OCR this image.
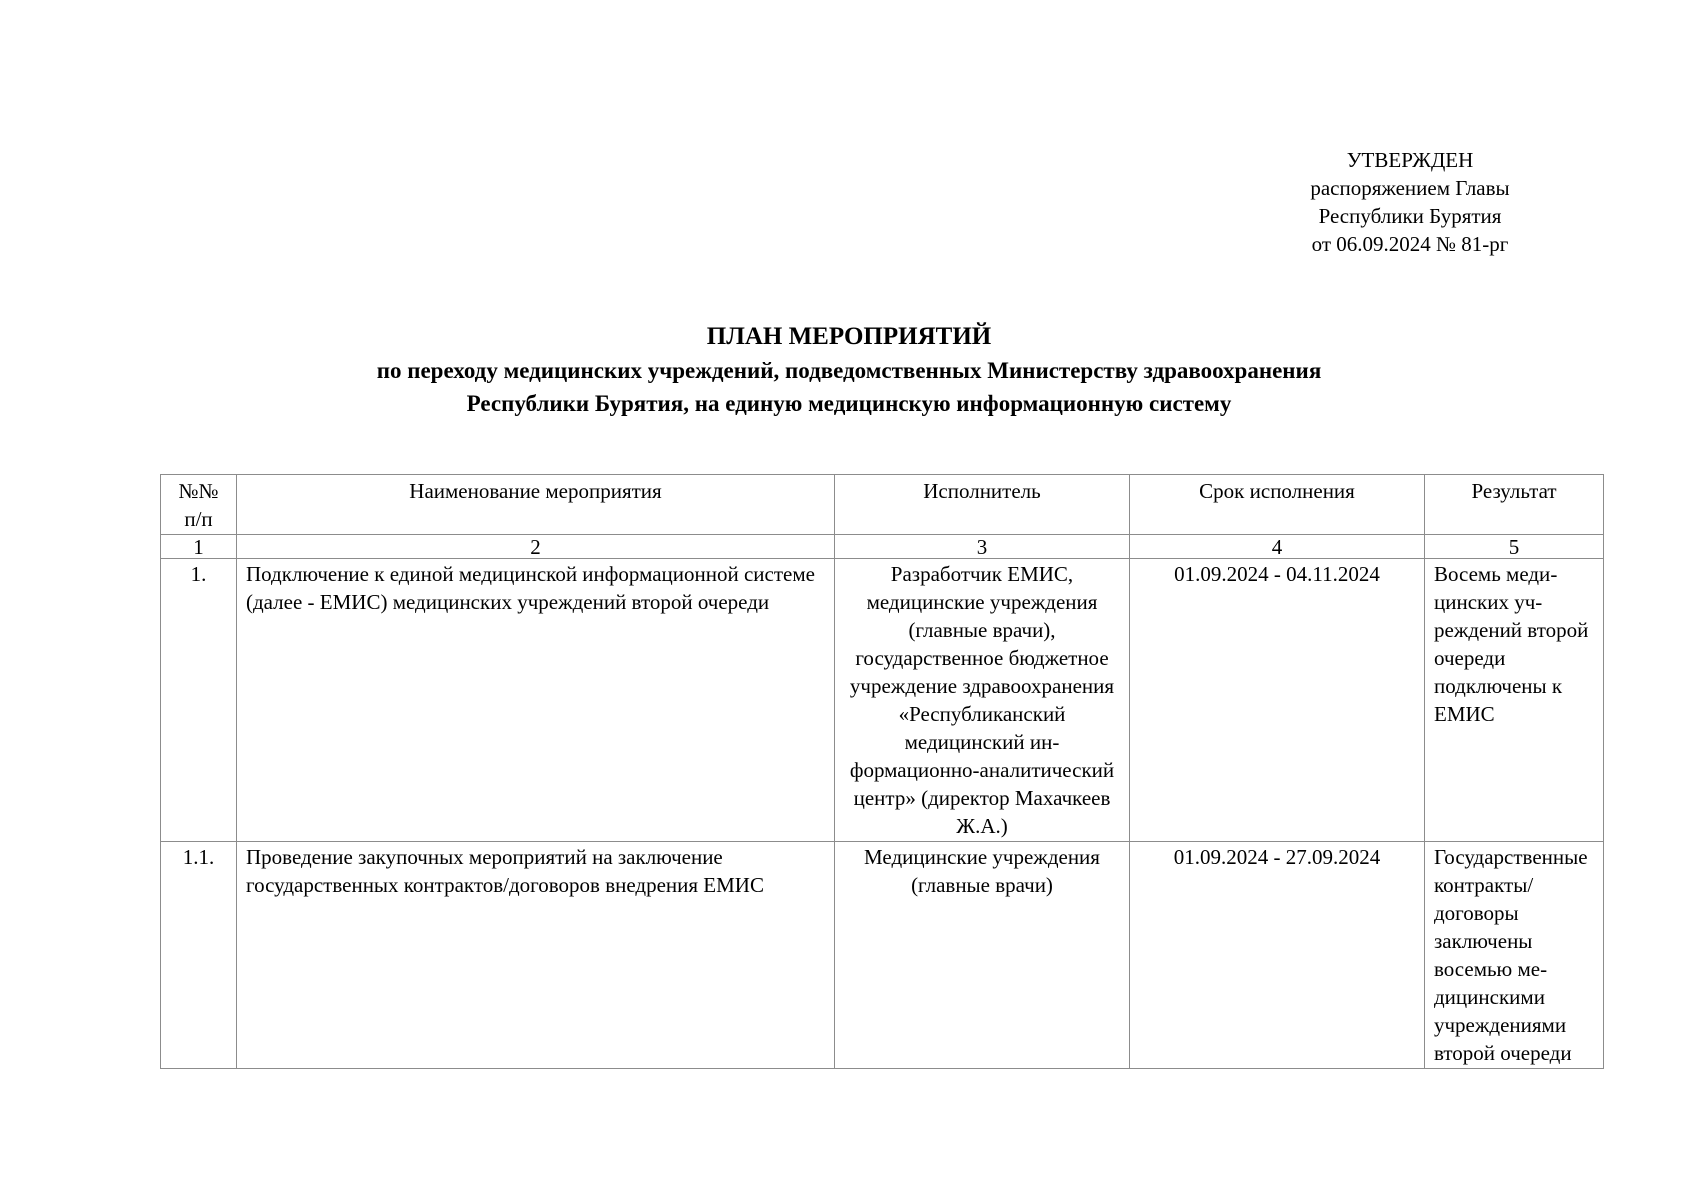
УТВЕРЖДЕН
распоряжением Главы
Республики Бурятия
от 06.09.2024 № 81-рг
ПЛАН МЕРОПРИЯТИЙ
по переходу медицинских учреждений, подведомственных Министерству здравоохранения
Республики Бурятия, на единую медицинскую информационную систему
№№
п/п	Наименование мероприятия	Исполнитель	Срок исполнения	Результат
1	2	3	4	5
1.	Подключение к единой медицинской информационной системе (далее - ЕМИС) медицинских учреждений второй очереди	Разработчик ЕМИС, медицинские учреждения (главные врачи), государственное бюджетное учреждение здравоохранения «Республиканский медицинский информационно-аналитический центр» (директор Махачкеев Ж.А.)	01.09.2024 - 04.11.2024	Восемь медицинских учреждений второй очереди подключены к ЕМИС
1.1.	Проведение закупочных мероприятий на заключение государственных контрактов/договоров внедрения ЕМИС	Медицинские учреждения (главные врачи)	01.09.2024 - 27.09.2024	Государственные контракты/договоры заключены восемью медицинскими учреждениями второй очереди
